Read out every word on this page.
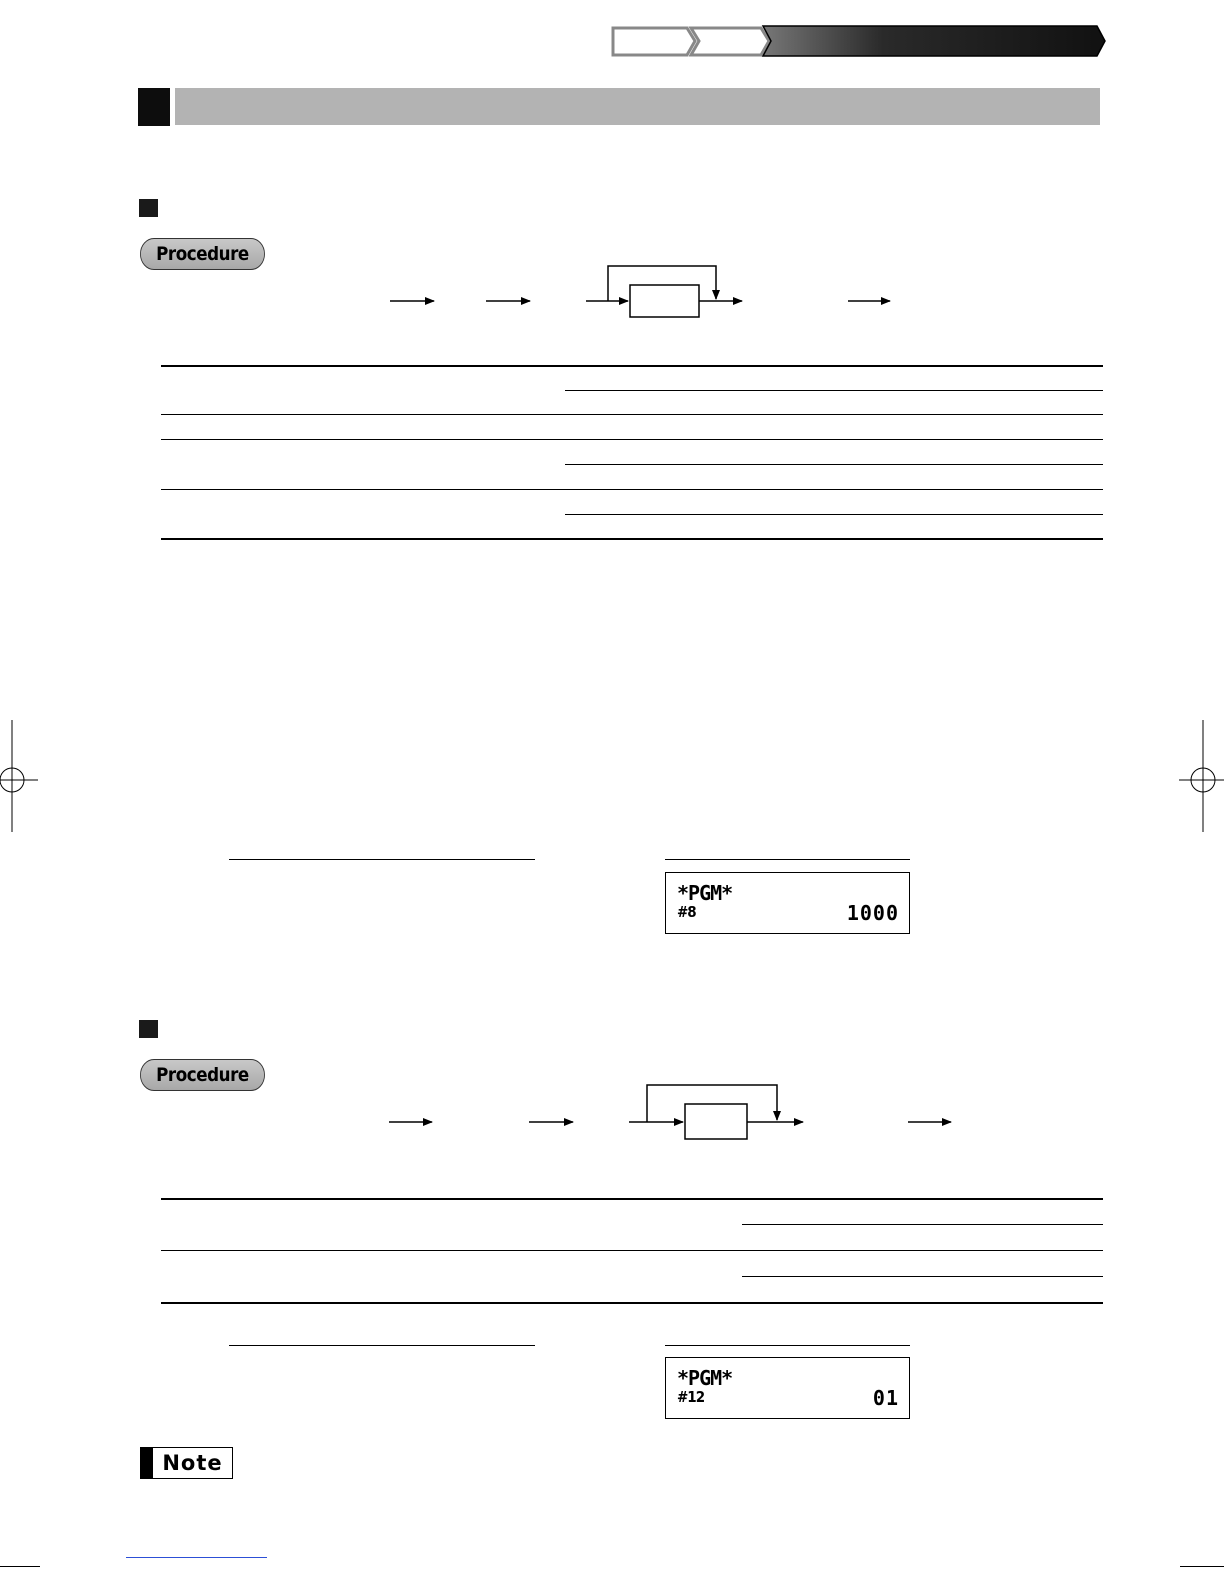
Procedure
*PGM*
#8	1000
Procedure
*PGM*
#12	01
Note
